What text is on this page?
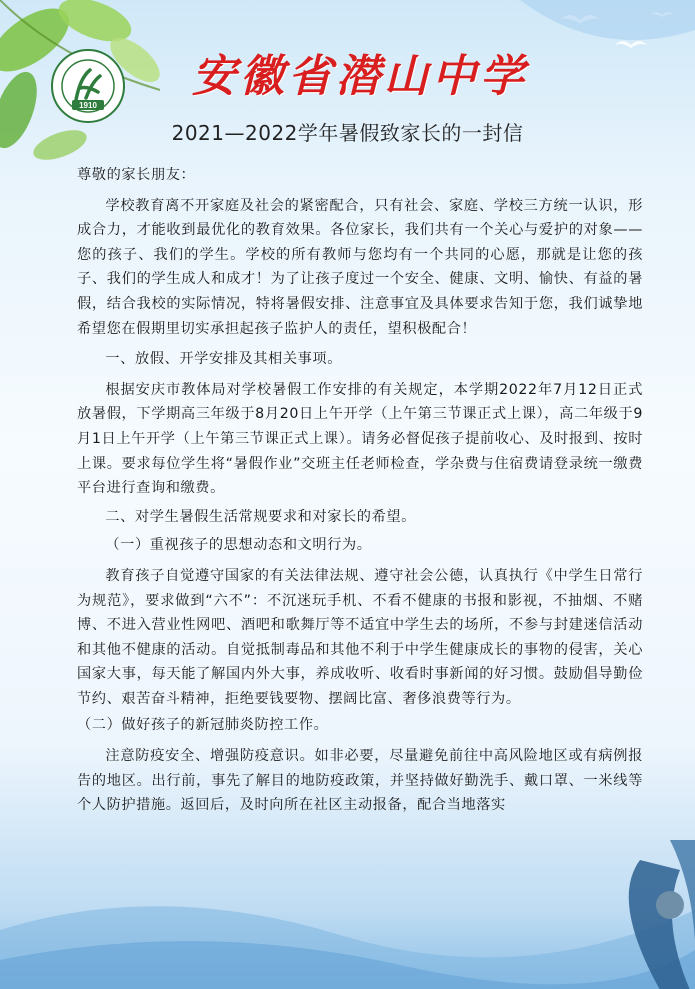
1910
安徽省潜山中学
2021—2022学年暑假致家长的一封信

尊敬的家长朋友：

学校教育离不开家庭及社会的紧密配合，只有社会、家庭、学校三方统一认识，形成合力，才能收到最优化的教育效果。各位家长，我们共有一个关心与爱护的对象——您的孩子、我们的学生。学校的所有教师与您均有一个共同的心愿，那就是让您的孩子、我们的学生成人和成才！为了让孩子度过一个安全、健康、文明、愉快、有益的暑假，结合我校的实际情况，特将暑假安排、注意事宜及具体要求告知于您，我们诚挚地希望您在假期里切实承担起孩子监护人的责任，望积极配合！

一、放假、开学安排及其相关事项。

根据安庆市教体局对学校暑假工作安排的有关规定，本学期2022年7月12日正式放暑假，下学期高三年级于8月20日上午开学（上午第三节课正式上课），高二年级于9月1日上午开学（上午第三节课正式上课）。请务必督促孩子提前收心、及时报到、按时上课。要求每位学生将“暑假作业”交班主任老师检查，学杂费与住宿费请登录统一缴费平台进行查询和缴费。

二、对学生暑假生活常规要求和对家长的希望。

（一）重视孩子的思想动态和文明行为。

教育孩子自觉遵守国家的有关法律法规、遵守社会公德，认真执行《中学生日常行为规范》，要求做到“六不”：不沉迷玩手机、不看不健康的书报和影视，不抽烟、不赌博、不进入营业性网吧、酒吧和歌舞厅等不适宜中学生去的场所，不参与封建迷信活动和其他不健康的活动。自觉抵制毒品和其他不利于中学生健康成长的事物的侵害，关心国家大事，每天能了解国内外大事，养成收听、收看时事新闻的好习惯。鼓励倡导勤俭节约、艰苦奋斗精神，拒绝要钱要物、摆阔比富、奢侈浪费等行为。

（二）做好孩子的新冠肺炎防控工作。

注意防疫安全、增强防疫意识。如非必要，尽量避免前往中高风险地区或有病例报告的地区。出行前，事先了解目的地防疫政策，并坚持做好勤洗手、戴口罩、一米线等个人防护措施。返回后，及时向所在社区主动报备，配合当地落实
